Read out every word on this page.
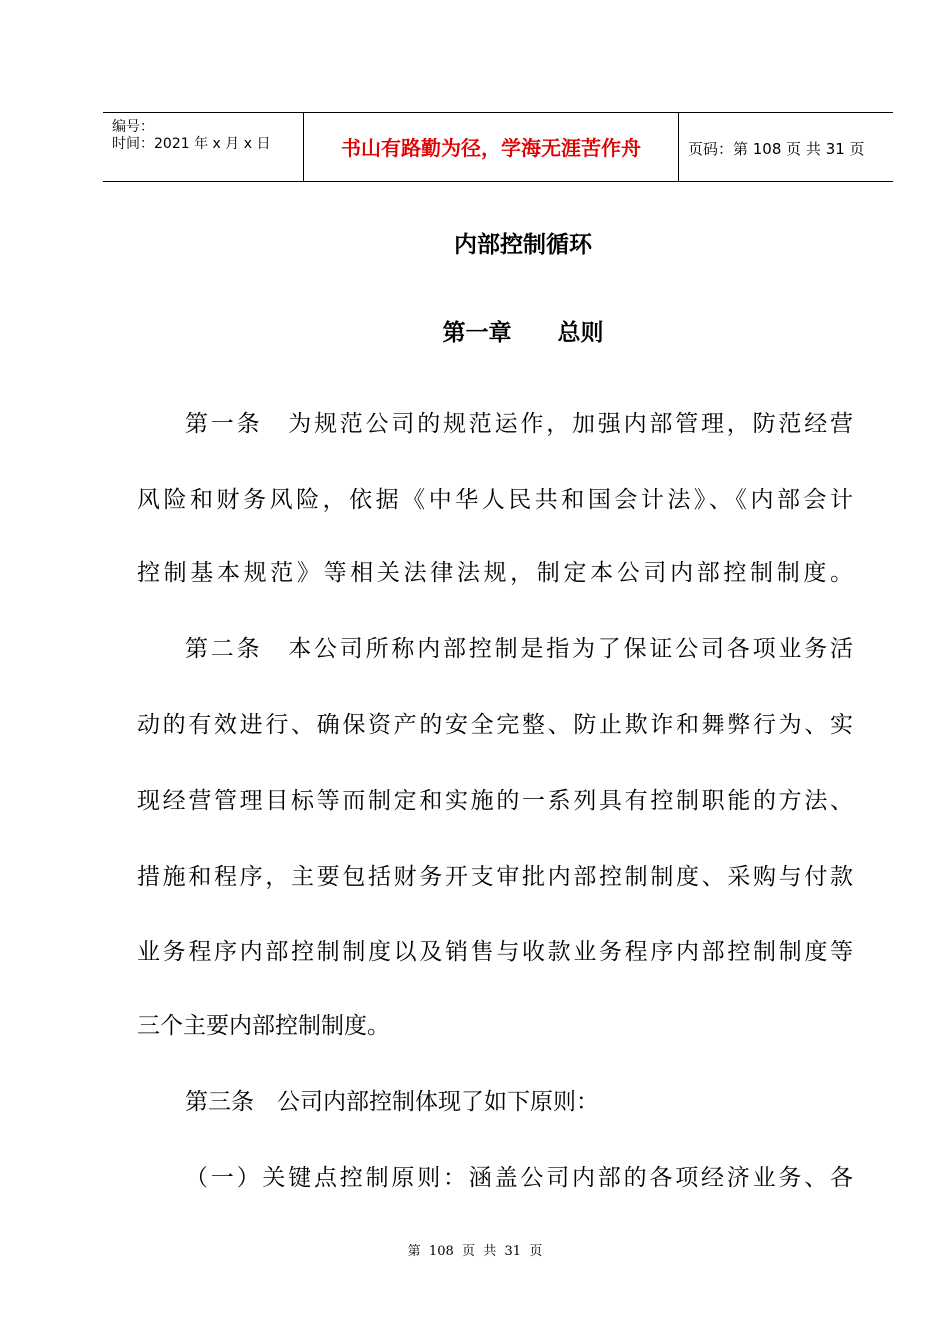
编号：
时间：2021 年 x 月 x 日	书山有路勤为径，学海无涯苦作舟	页码：第 108 页 共 31 页
内部控制循环
第一章　　总则
第一条　为规范公司的规范运作，加强内部管理，防范经营
风险和财务风险，依据《中华人民共和国会计法》、《内部会计
控制基本规范》等相关法律法规，制定本公司内部控制制度。
第二条　本公司所称内部控制是指为了保证公司各项业务活
动的有效进行、确保资产的安全完整、防止欺诈和舞弊行为、实
现经营管理目标等而制定和实施的一系列具有控制职能的方法、
措施和程序，主要包括财务开支审批内部控制制度、采购与付款
业务程序内部控制制度以及销售与收款业务程序内部控制制度等
三个主要内部控制制度。
第三条　公司内部控制体现了如下原则：
（一）关键点控制原则：涵盖公司内部的各项经济业务、各
第  108  页  共  31  页
